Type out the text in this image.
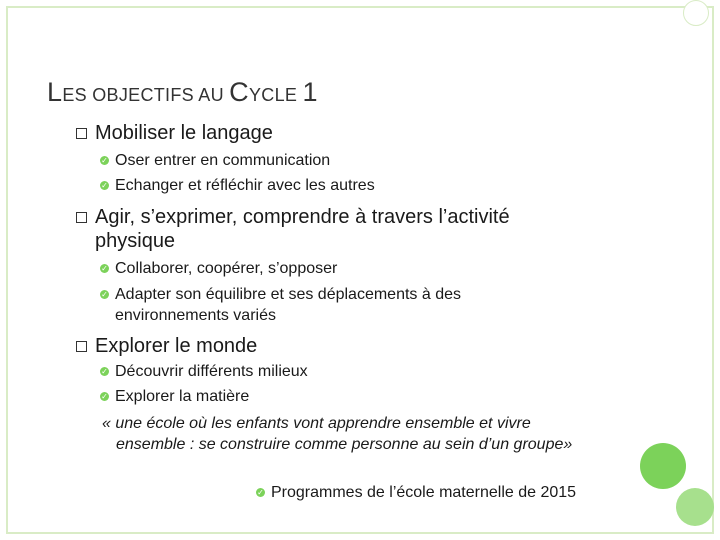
LES OBJECTIFS AU CYCLE 1
Mobiliser le langage
✓ Oser entrer en communication
✓ Echanger et réfléchir avec les autres
Agir, s’exprimer, comprendre à travers l’activité
physique
✓ Collaborer, coopérer, s’opposer
✓ Adapter son équilibre et ses déplacements à des
environnements variés
Explorer le monde
✓ Découvrir différents milieux
✓ Explorer la matière
« une école où les enfants vont apprendre ensemble et vivre
ensemble : se construire comme personne au sein d’un groupe»
✓ Programmes de l’école maternelle de 2015
